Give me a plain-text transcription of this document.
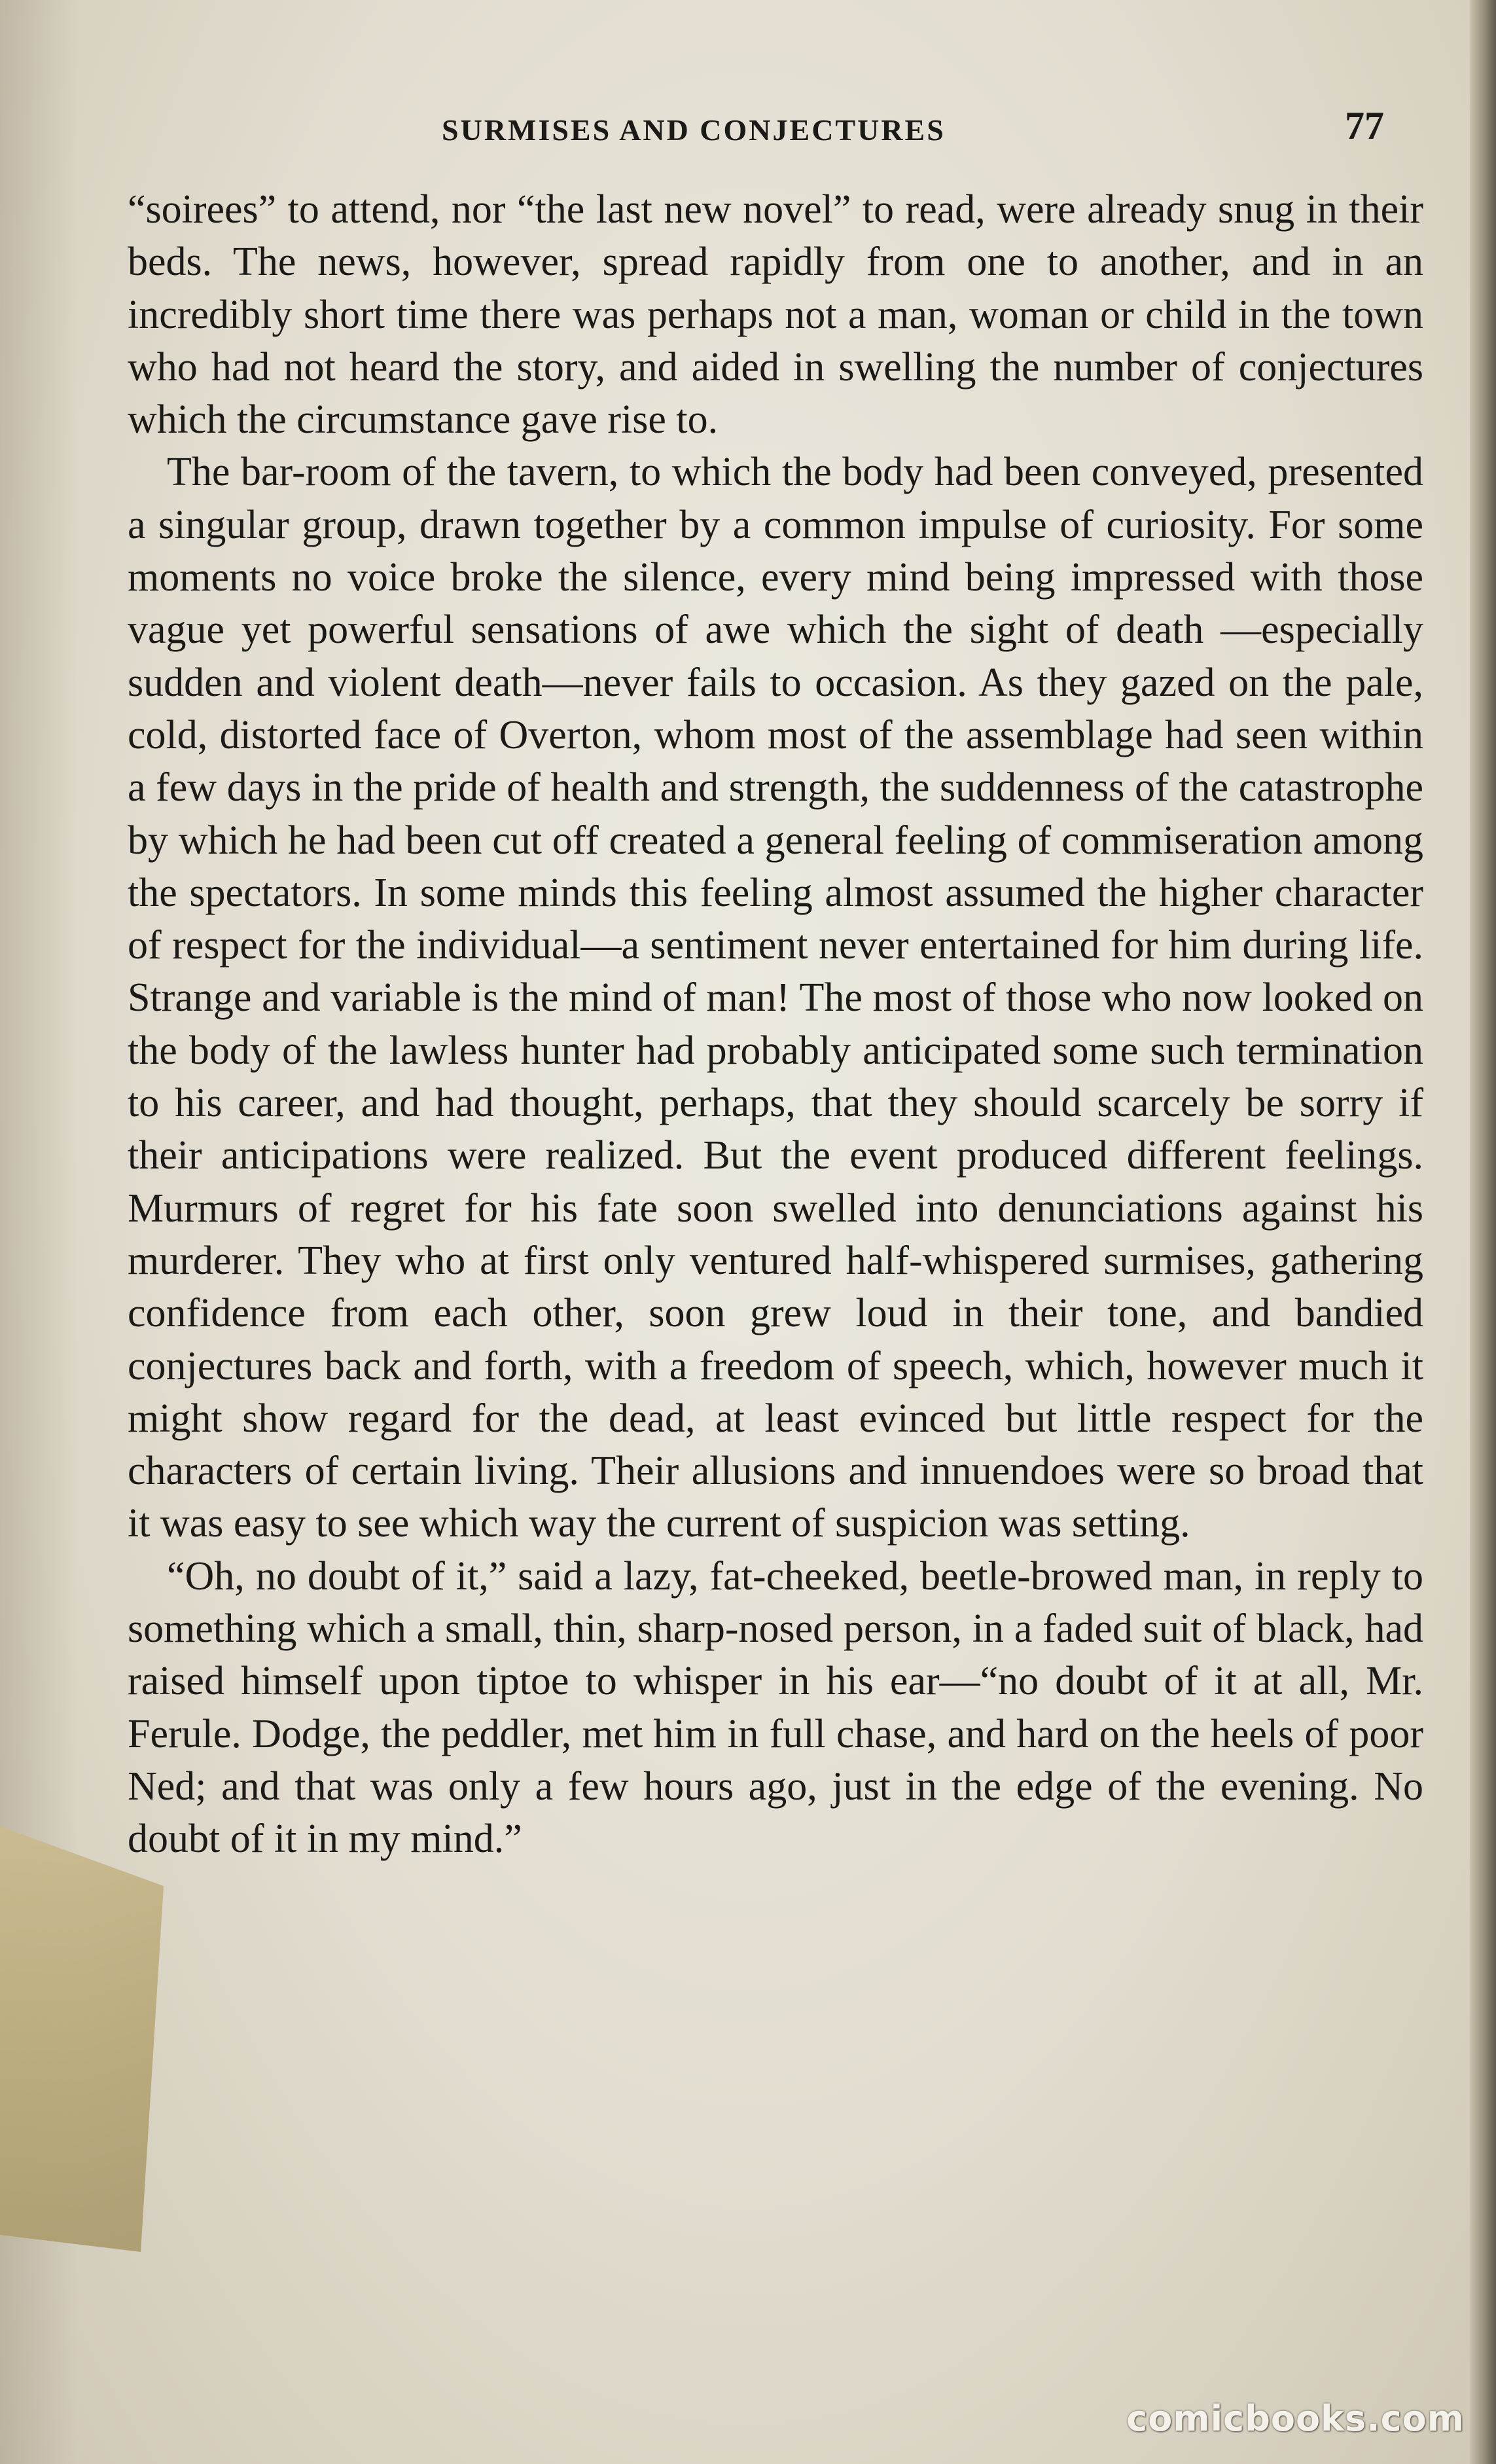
SURMISES AND CONJECTURES	77

“soirees” to attend, nor “the last new novel” to read, were already snug in their beds. The news, however, spread rapidly from one to another, and in an incredibly short time there was perhaps not a man, woman or child in the town who had not heard the story, and aided in swelling the number of conjectures which the circumstance gave rise to.

The bar-room of the tavern, to which the body had been conveyed, presented a singular group, drawn together by a common impulse of curiosity. For some moments no voice broke the silence, every mind being impressed with those vague yet powerful sensations of awe which the sight of death —especially sudden and violent death—never fails to occasion. As they gazed on the pale, cold, distorted face of Overton, whom most of the assemblage had seen within a few days in the pride of health and strength, the suddenness of the catastrophe by which he had been cut off created a general feeling of commiseration among the spectators. In some minds this feeling almost assumed the higher character of respect for the individual—a sentiment never entertained for him during life. Strange and variable is the mind of man! The most of those who now looked on the body of the lawless hunter had probably anticipated some such termination to his career, and had thought, perhaps, that they should scarcely be sorry if their anticipations were realized. But the event produced different feelings. Murmurs of regret for his fate soon swelled into denunciations against his murderer. They who at first only ventured half-whispered surmises, gathering confidence from each other, soon grew loud in their tone, and bandied conjectures back and forth, with a freedom of speech, which, however much it might show regard for the dead, at least evinced but little respect for the characters of certain living. Their allusions and innuendoes were so broad that it was easy to see which way the current of suspicion was setting.

“Oh, no doubt of it,” said a lazy, fat-cheeked, beetle-browed man, in reply to something which a small, thin, sharp-nosed person, in a faded suit of black, had raised himself upon tiptoe to whisper in his ear—“no doubt of it at all, Mr. Ferule. Dodge, the peddler, met him in full chase, and hard on the heels of poor Ned; and that was only a few hours ago, just in the edge of the evening. No doubt of it in my mind.”

comicbooks.com
